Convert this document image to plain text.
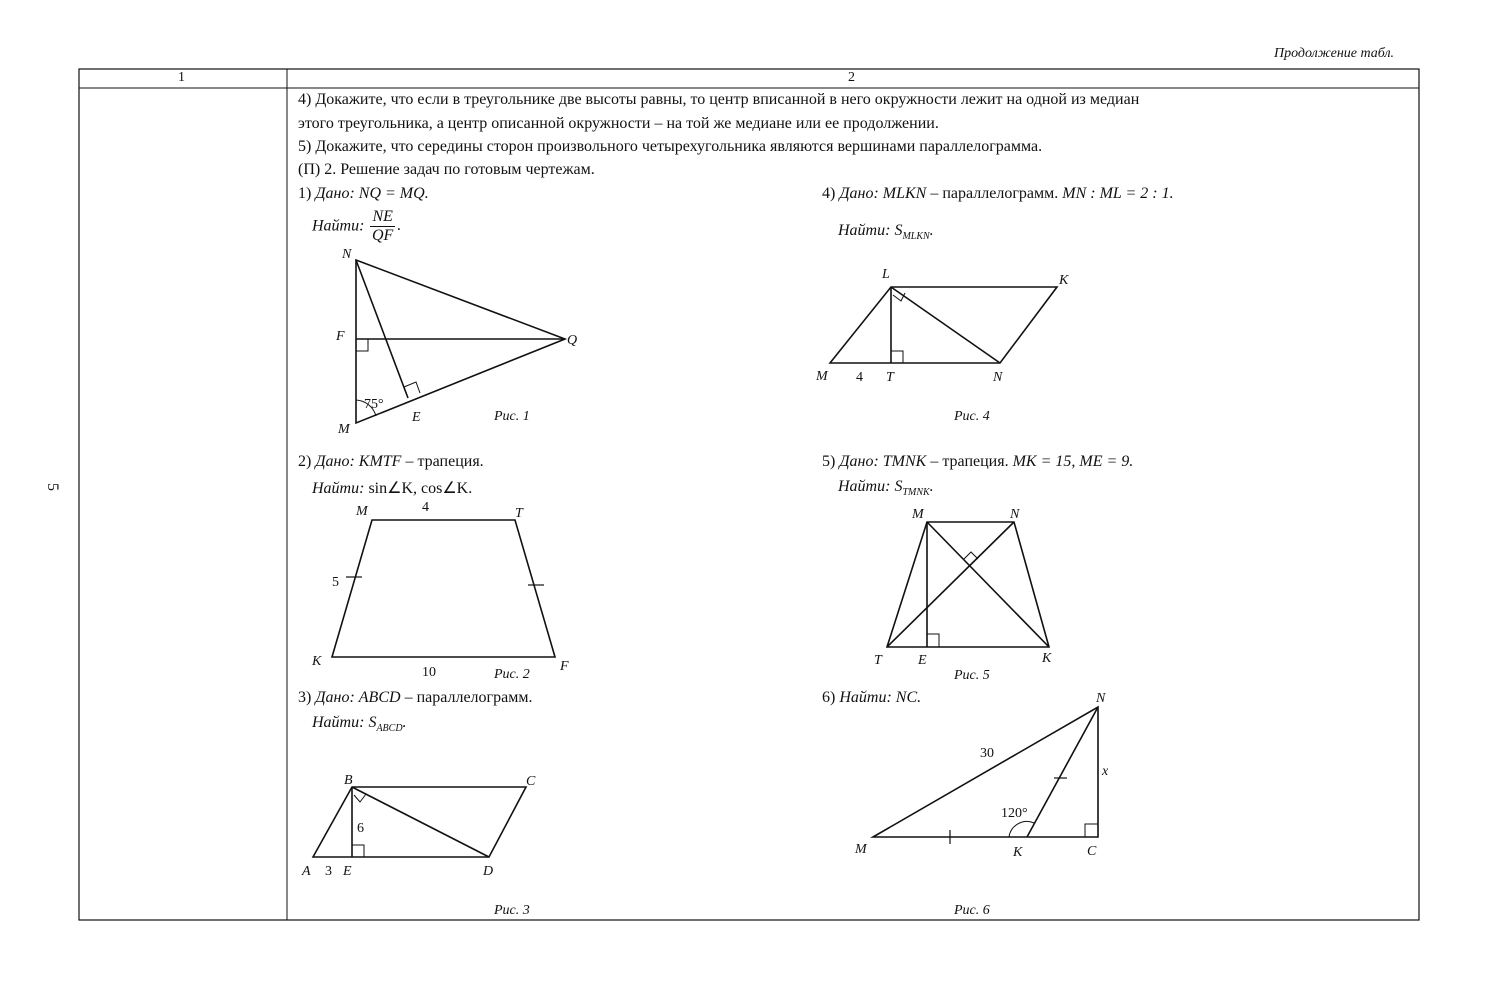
Продолжение табл.
5
1	2
4) Докажите, что если в треугольнике две высоты равны, то центр вписанной в него окружности лежит на одной из медиан
этого треугольника, а центр описанной окружности – на той же медиане или ее продолжении.
5) Докажите, что середины сторон произвольного четырехугольника являются вершинами параллелограмма.
(П) 2. Решение задач по готовым чертежам.
1) Дано: NQ = MQ.
Найти: $\frac{NE}{QF}$ .
N
F	Q
M
E
75°
Рис. 1
4) Дано: MLKN – параллелограмм. MN : ML = 2 : 1.
Найти: $S_{MLKN}$.
L	K
M 4 T	N
Рис. 4
2) Дано: KMTF – трапеция.
Найти: sin∠K, cos∠K.
M	4	T
5
K
10	Рис. 2
F
5) Дано: TMNK – трапеция. MK = 15, ME = 9.
Найти: $S_{TMNK}$.
M	N
T	E	K
Рис. 5
3) Дано: ABCD – параллелограмм.
Найти: $S_{ABCD}$.
B	C
6
A 3 E	D
Рис. 3
6) Найти: NC.	N
30
x
120°
M	K	C
Рис. 6
